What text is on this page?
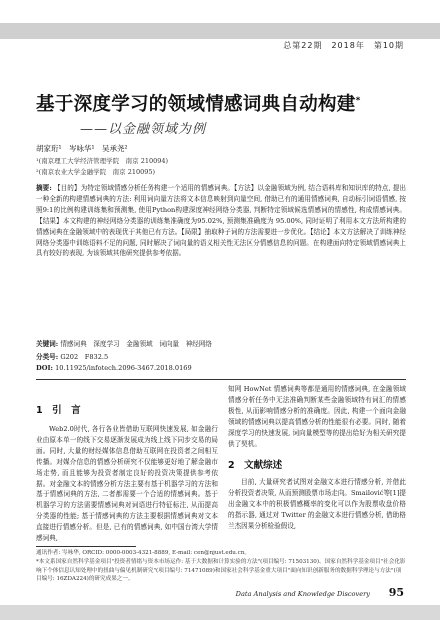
总第22期　2018年　第10期
基于深度学习的领域情感词典自动构建*
——以金融领域为例
胡家珩¹　岑咏华¹　吴承尧²
¹(南京理工大学经济管理学院　南京 210094)
²(南京农业大学金融学院　南京 210095)
摘要: 【目的】为特定领域情感分析任务构建一个适用的情感词典。【方法】以金融领域为例, 结合语料库和知识库的特点, 提出一种全新的构建情感词典的方法: 利用词向量方法将文本信息映射到向量空间, 借助已有的通用情感词典, 自动标引词语情感, 按照9:1的比例构建训练集和预测集, 使用Python构建深度神经网络分类器, 判断特定领域候选情感词的情感性, 构成情感词典。【结果】本文构建的神经网络分类器的训练集准确度为95.02%, 预测集准确度为 95.00%, 同时证明了利用本文方法所构建的情感词典在金融领域中的表现优于其他已有方法。【局限】抽取种子词的方法需要进一步优化。【结论】本文方法解决了训练神经网络分类器中训练语料不足的问题, 同时解决了词向量的语义相关性无法区分情感信息的问题。在构建面向特定领域情感词典上具有较好的表现, 为该领域其他研究提供参考依据。
关键词: 情感词典　深度学习　金融领域　词向量　神经网络
分类号: G202　F832.5
DOI: 10.11925/infotech.2096-3467.2018.0169
1　引　言
Web2.0时代, 各行各业皆借助互联网快速发展, 如金融行业由原本单一的线下交易逐渐发展成为线上线下同步交易的局面。同时, 大量的财经媒体信息借助互联网在投资者之间相互传播。对媒介信息的情感分析研究不仅能够更好地了解金融市场走势, 而且能够为投资者制定良好的投资决策提供参考依据。对金融文本的情感分析方法主要有基于机器学习的方法和基于情感词典的方法, 二者都需要一个合适的情感词典。基于机器学习的方法需要情感词典对词语进行特征标注, 从而提高分类器的性能; 基于情感词典的方法主要根据情感词典对文本直接进行情感分析。但是, 已有的情感词典, 如中国台湾大学情感词典,
知网 HowNet 情感词典等都是通用的情感词典, 在金融领域情感分析任务中无法准确判断某些金融领域特有词汇的情感极性, 从而影响情感分析的准确度。因此, 构建一个面向金融领域的情感词典以提高情感分析的性能很有必要。同时, 随着深度学习的快速发展, 词向量模型等的提出给好为相关研究提供了契机。
2　文献综述
目前, 大量研究者试图对金融文本进行情感分析, 并借此分析投资者决策, 从而预测股票市场走向。Smailović等[1]提出金融文本中的积极情感概率的变化可以作为股票收盘价格的指示器, 通过对 Twitter 的金融文本进行情感分析, 借助格兰杰因果分析检验假设,
通讯作者: 岑咏华, ORCID: 0000-0003-4321-8889, E-mail: cen@njust.edu.cn。
*本文系国家自然科学基金项目"投资者情绪与资本市场运作: 基于大数据和计算实验的方法"(项目编号: 71503130)、国家自然科学基金项目"社会化影响下个体信息认知处理中的扭曲与偏见机制研究"(项目编号: 71471089)和国家社会科学基金重大项目"面向知识创新服务的数据科学理论与方法"(项目编号: 16ZDA224)的研究成果之一。
Data Analysis and Knowledge Discovery 95
